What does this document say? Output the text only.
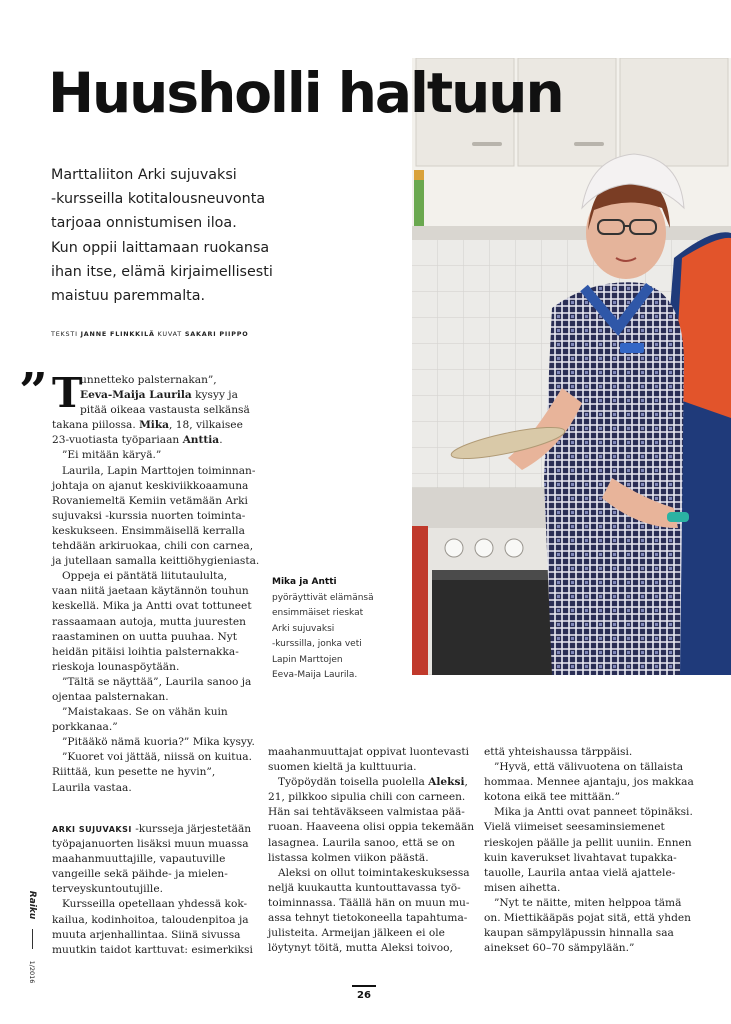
Huusholli haltuun
Marttaliiton Arki sujuvaksi
-kursseilla kotitalousneuvonta
tarjoaa onnistumisen iloa.
Kun oppii laittamaan ruokansa
ihan itse, elämä kirjaimellisesti
maistuu paremmalta.
TEKSTI JANNE FLINKKILÄ KUVAT SAKARI PIIPPO

Mika ja Antti

pyöräyttivät elämänsä

ensimmäiset rieskat

Arki sujuvaksi

-kurssilla, jonka veti

Lapin Marttojen

Eeva-Maija Laurila.

” T

unnetteko palsternakan”,

Eeva-Maija Laurila kysyy ja

pitää oikeaa vastausta selkänsä

takana piilossa. Mika, 18, vilkaisee

23-vuotiasta työpariaan Anttia.

”Ei mitään käryä.”

Laurila, Lapin Marttojen toiminnan-

johtaja on ajanut keskiviikkoaamuna

Rovaniemeltä Kemiin vetämään Arki

sujuvaksi -kurssia nuorten toiminta-

keskukseen. Ensimmäisellä kerralla

tehdään arkiruokaa, chili con carnea,

ja jutellaan samalla keittiöhygieniasta.

Oppeja ei päntätä liitutaululta,

vaan niitä jaetaan käytännön touhun

keskellä. Mika ja Antti ovat tottuneet

rassaamaan autoja, mutta juuresten

raastaminen on uutta puuhaa. Nyt

heidän pitäisi loihtia palsternakka-

rieskoja lounaspöytään.

”Tältä se näyttää”, Laurila sanoo ja

ojentaa palsternakan.

”Maistakaas. Se on vähän kuin

porkkanaa.”

”Pitääkö nämä kuoria?” Mika kysyy.

”Kuoret voi jättää, niissä on kuitua.

Riittää, kun pesette ne hyvin”,

Laurila vastaa.

ARKI SUJUVAKSI -kursseja järjestetään

työpajanuorten lisäksi muun muassa

maahanmuuttajille, vapautuville

vangeille sekä päihde- ja mielen-

terveyskuntoutujille.

Kursseilla opetellaan yhdessä kok-

kailua, kodinhoitoa, taloudenpitoa ja

muuta arjenhallintaa. Siinä sivussa

muutkin taidot karttuvat: esimerkiksi

maahanmuuttajat oppivat luontevasti

suomen kieltä ja kulttuuria.

Työpöydän toisella puolella Aleksi,

21, pilkkoo sipulia chili con carneen.

Hän sai tehtäväkseen valmistaa pää-

ruoan. Haaveena olisi oppia tekemään

lasagnea. Laurila sanoo, että se on

listassa kolmen viikon päästä.

Aleksi on ollut toimintakeskuksessa

neljä kuukautta kuntouttavassa työ-

toiminnassa. Täällä hän on muun mu-

assa tehnyt tietokoneella tapahtuma-

julisteita. Armeijan jälkeen ei ole

löytynyt töitä, mutta Aleksi toivoo,

että yhteishaussa tärppäisi.

”Hyvä, että välivuotena on tällaista

hommaa. Mennee ajantaju, jos makkaa

kotona eikä tee mittään.”

Mika ja Antti ovat panneet töpinäksi.

Vielä viimeiset seesaminsiemenet

rieskojen päälle ja pellit uuniin. Ennen

kuin kaverukset livahtavat tupakka-

tauolle, Laurila antaa vielä ajattele-

misen aihetta.

”Nyt te näitte, miten helppoa tämä

on. Miettikääpäs pojat sitä, että yhden

kaupan sämpyläpussin hinnalla saa

ainekset 60–70 sämpylään.”

Raiku
1/2016
26
